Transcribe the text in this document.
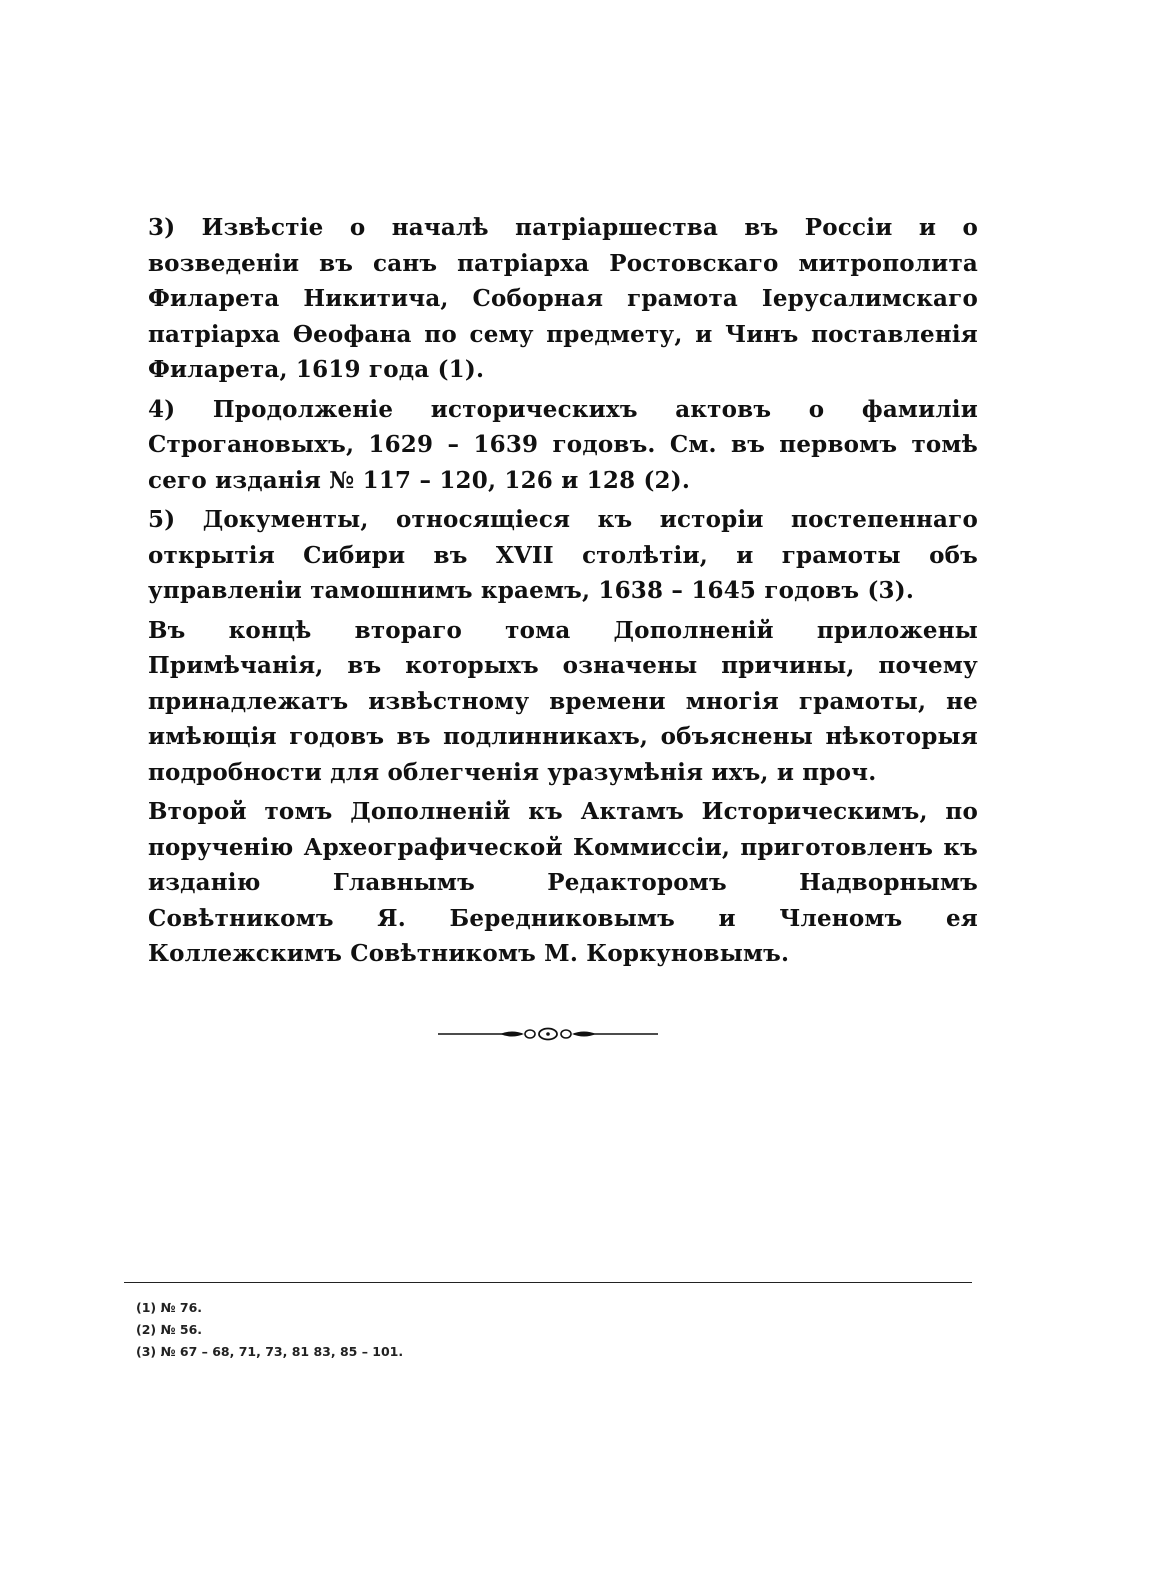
3) Извѣстіе о началѣ патріаршества въ Россіи и о возведеніи въ санъ патріарха Ростовскаго митрополита Филарета Никитича, Соборная грамота Іерусалимскаго патріарха Ѳеофана по сему предмету, и Чинъ поставленія Филарета, 1619 года (1).

4) Продолженіе историческихъ актовъ о фамиліи Строгановыхъ, 1629 – 1639 годовъ. См. въ первомъ томѣ сего изданія № 117 – 120, 126 и 128 (2).

5) Документы, относящіеся къ исторіи постепеннаго открытія Сибири въ XVII столѣтіи, и грамоты объ управленіи тамошнимъ краемъ, 1638 – 1645 годовъ (3).

Въ концѣ втораго тома Дополненій приложены Примѣчанія, въ которыхъ означены причины, почему принадлежатъ извѣстному времени многія грамоты, не имѣющія годовъ въ подлинникахъ, объяснены нѣкоторыя подробности для облегченія уразумѣнія ихъ, и проч.

Второй томъ Дополненій къ Актамъ Историческимъ, по порученію Археографической Коммиссіи, приготовленъ къ изданію Главнымъ Редакторомъ Надворнымъ Совѣтникомъ Я. Бередниковымъ и Членомъ ея Коллежскимъ Совѣтникомъ М. Коркуновымъ.

(1) № 76.
(2) № 56.
(3) № 67 – 68, 71, 73, 81 83, 85 – 101.
